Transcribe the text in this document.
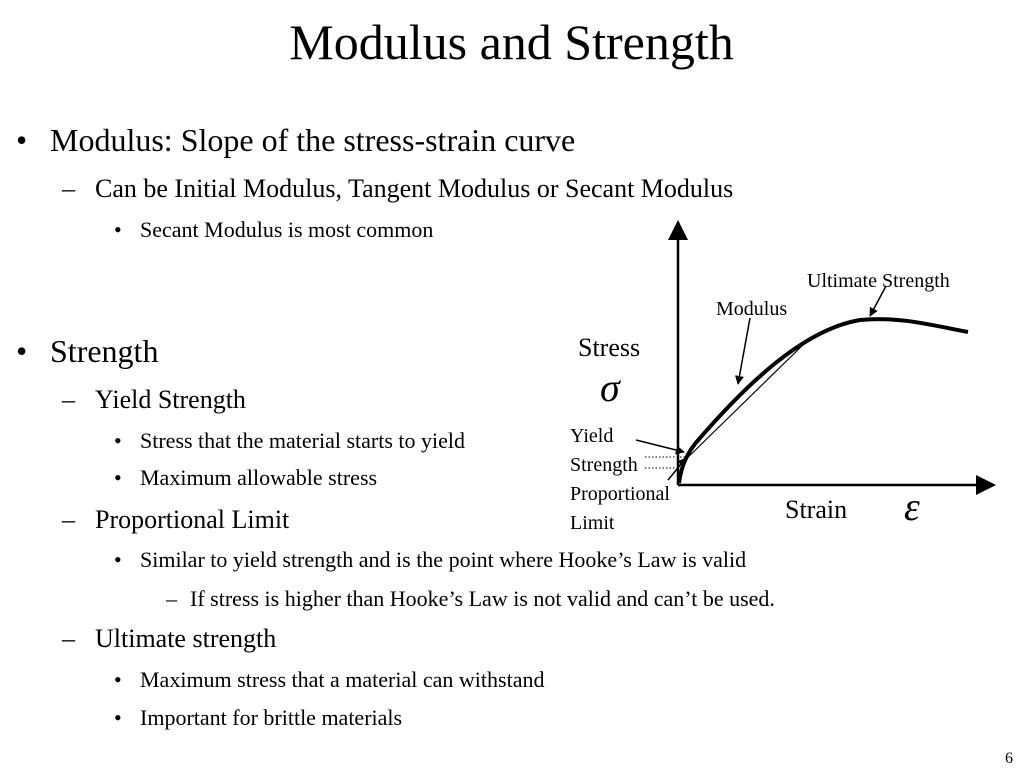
Modulus and Strength
• Modulus: Slope of the stress-strain curve
– Can be Initial Modulus, Tangent Modulus or Secant Modulus
• Secant Modulus is most common
• Strength
– Yield Strength
• Stress that the material starts to yield
• Maximum allowable stress
– Proportional Limit
• Similar to yield strength and is the point where Hooke’s Law is valid
– If stress is higher than Hooke’s Law is not valid and can’t be used.
– Ultimate strength
• Maximum stress that a material can withstand
• Important for brittle materials
Ultimate Strength
Modulus
Stress
σ
Yield
Strength
Proportional
Limit	Strain ε
6
